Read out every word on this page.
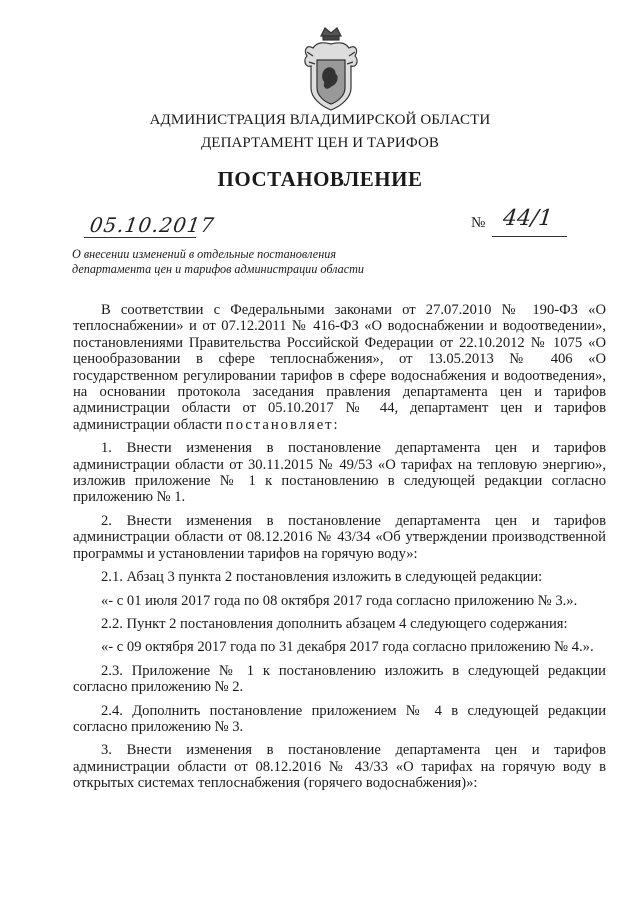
АДМИНИСТРАЦИЯ ВЛАДИМИРСКОЙ ОБЛАСТИ
ДЕПАРТАМЕНТ ЦЕН И ТАРИФОВ
ПОСТАНОВЛЕНИЕ
05.10.2017	№ 44/1
О внесении изменений в отдельные постановления
департамента цен и тарифов администрации области

В соответствии с Федеральными законами от 27.07.2010 № 190-ФЗ «О теплоснабжении» и от 07.12.2011 № 416-ФЗ «О водоснабжении и водоотведении», постановлениями Правительства Российской Федерации от 22.10.2012 № 1075 «О ценообразовании в сфере теплоснабжения», от 13.05.2013 № 406 «О государственном регулировании тарифов в сфере водоснабжения и водоотведения», на основании протокола заседания правления департамента цен и тарифов администрации области от 05.10.2017 № 44, департамент цен и тарифов администрации области постановляет:

1. Внести изменения в постановление департамента цен и тарифов администрации области от 30.11.2015 № 49/53 «О тарифах на тепловую энергию», изложив приложение № 1 к постановлению в следующей редакции согласно приложению № 1.

2. Внести изменения в постановление департамента цен и тарифов администрации области от 08.12.2016 № 43/34 «Об утверждении производственной программы и установлении тарифов на горячую воду»:

2.1. Абзац 3 пункта 2 постановления изложить в следующей редакции:

«- с 01 июля 2017 года по 08 октября 2017 года согласно приложению № 3.».

2.2. Пункт 2 постановления дополнить абзацем 4 следующего содержания:

«- с 09 октября 2017 года по 31 декабря 2017 года согласно приложению № 4.».

2.3. Приложение № 1 к постановлению изложить в следующей редакции согласно приложению № 2.

2.4. Дополнить постановление приложением № 4 в следующей редакции согласно приложению № 3.

3. Внести изменения в постановление департамента цен и тарифов администрации области от 08.12.2016 № 43/33 «О тарифах на горячую воду в открытых системах теплоснабжения (горячего водоснабжения)»:
